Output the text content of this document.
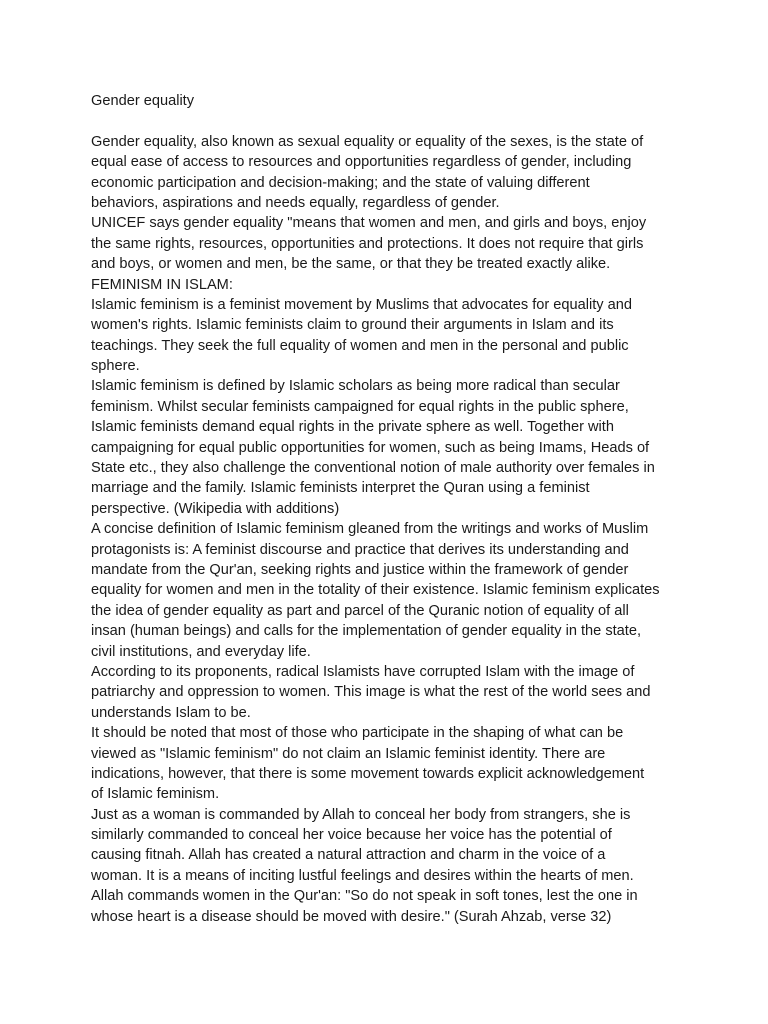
Gender equality
Gender equality, also known as sexual equality or equality of the sexes, is the state of
equal ease of access to resources and opportunities regardless of gender, including
economic participation and decision-making; and the state of valuing different
behaviors, aspirations and needs equally, regardless of gender.
UNICEF says gender equality "means that women and men, and girls and boys, enjoy
the same rights, resources, opportunities and protections. It does not require that girls
and boys, or women and men, be the same, or that they be treated exactly alike.
FEMINISM IN ISLAM:
Islamic feminism is a feminist movement by Muslims that advocates for equality and
women's rights. Islamic feminists claim to ground their arguments in Islam and its
teachings. They seek the full equality of women and men in the personal and public
sphere.
Islamic feminism is defined by Islamic scholars as being more radical than secular
feminism. Whilst secular feminists campaigned for equal rights in the public sphere,
Islamic feminists demand equal rights in the private sphere as well. Together with
campaigning for equal public opportunities for women, such as being Imams, Heads of
State etc., they also challenge the conventional notion of male authority over females in
marriage and the family. Islamic feminists interpret the Quran using a feminist
perspective. (Wikipedia with additions)
A concise definition of Islamic feminism gleaned from the writings and works of Muslim
protagonists is: A feminist discourse and practice that derives its understanding and
mandate from the Qur'an, seeking rights and justice within the framework of gender
equality for women and men in the totality of their existence. Islamic feminism explicates
the idea of gender equality as part and parcel of the Quranic notion of equality of all
insan (human beings) and calls for the implementation of gender equality in the state,
civil institutions, and everyday life.
According to its proponents, radical Islamists have corrupted Islam with the image of
patriarchy and oppression to women. This image is what the rest of the world sees and
understands Islam to be.
It should be noted that most of those who participate in the shaping of what can be
viewed as "Islamic feminism" do not claim an Islamic feminist identity. There are
indications, however, that there is some movement towards explicit acknowledgement
of Islamic feminism.
Just as a woman is commanded by Allah to conceal her body from strangers, she is
similarly commanded to conceal her voice because her voice has the potential of
causing fitnah. Allah has created a natural attraction and charm in the voice of a
woman. It is a means of inciting lustful feelings and desires within the hearts of men.
Allah commands women in the Qur'an: "So do not speak in soft tones, lest the one in
whose heart is a disease should be moved with desire." (Surah Ahzab, verse 32)
